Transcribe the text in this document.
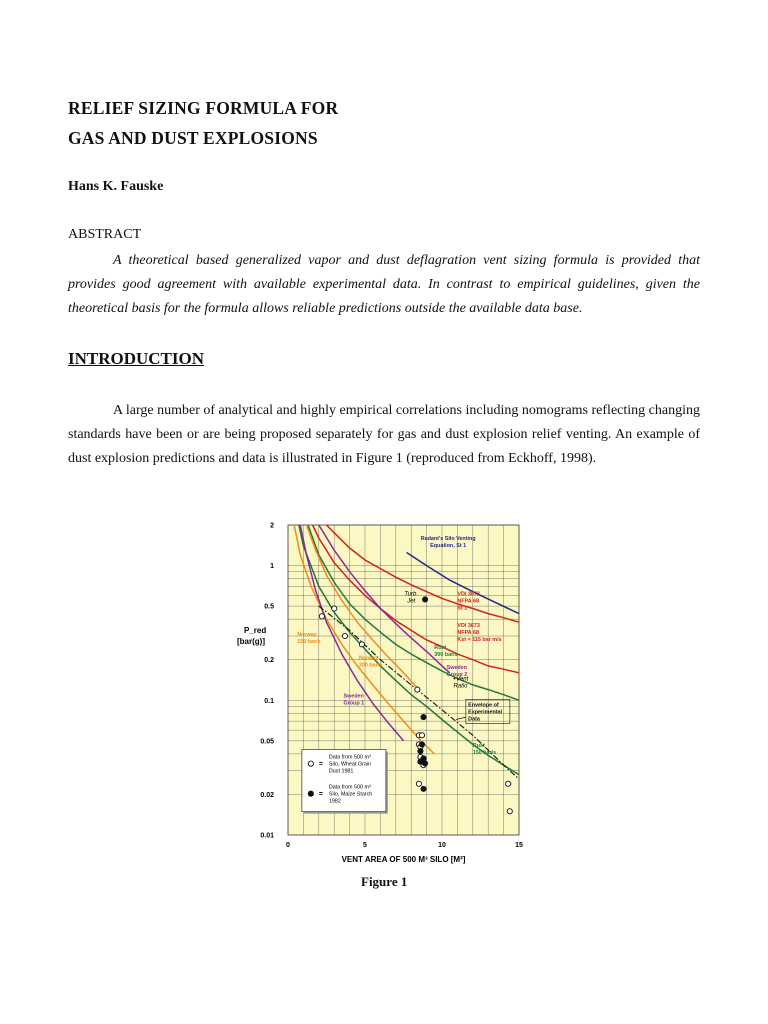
RELIEF SIZING FORMULA FOR
GAS AND DUST EXPLOSIONS
Hans K. Fauske
ABSTRACT
A theoretical based generalized vapor and dust deflagration vent sizing formula is provided that provides good agreement with available experimental data. In contrast to empirical guidelines, given the theoretical basis for the formula allows reliable predictions outside the available data base.
INTRODUCTION
A large number of analytical and highly empirical correlations including nomograms reflecting changing standards have been or are being proposed separately for gas and dust explosion relief venting. An example of dust explosion predictions and data is illustrated in Figure 1 (reproduced from Eckhoff, 1998).
0	5	10	15
0.01
0.02
0.05
0.1
0.2
0.5
1
2
VENT AREA OF 500 M³ SILO [M²]
P_red
[bar(g)]
Radant's Silo Venting
Equation, St 1
VDI 3673
NFPA 68
St 1
VDI 3673
NFPA 68
Kst = 115 bar m/s
Rust
300 bar/s
Rust
150 bar/s
Norway
150 bar/s
Norway
300 bar/s
Sweden
Group 1
Sweden
Group 2
Envelope of
Experimental
Data
Turb.
Jet
+Vent
Ratio
=
Data from 500 m³
Silo, Wheat Grain
Dust 1981
=
Data from 500 m³
Silo, Maize Starch
1982
Figure 1
